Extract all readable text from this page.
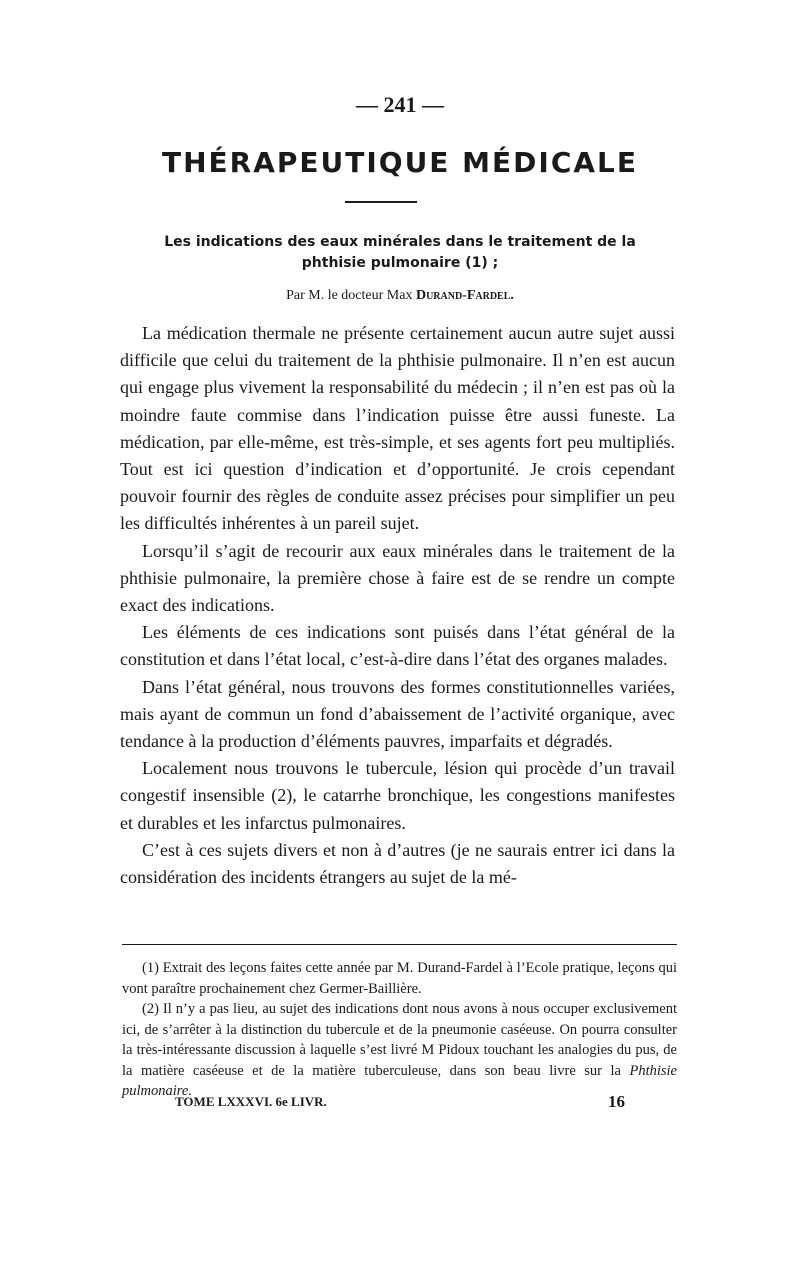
— 241 —
THÉRAPEUTIQUE MÉDICALE
Les indications des eaux minérales dans le traitement de la phthisie pulmonaire (1) ;
Par M. le docteur Max Durand-Fardel.

La médication thermale ne présente certainement aucun autre sujet aussi difficile que celui du traitement de la phthisie pulmonaire. Il n’en est aucun qui engage plus vivement la responsabilité du médecin ; il n’en est pas où la moindre faute commise dans l’indication puisse être aussi funeste. La médication, par elle-même, est très-simple, et ses agents fort peu multipliés. Tout est ici question d’indication et d’opportunité. Je crois cependant pouvoir fournir des règles de conduite assez précises pour simplifier un peu les difficultés inhérentes à un pareil sujet.

Lorsqu’il s’agit de recourir aux eaux minérales dans le traitement de la phthisie pulmonaire, la première chose à faire est de se rendre un compte exact des indications.

Les éléments de ces indications sont puisés dans l’état général de la constitution et dans l’état local, c’est-à-dire dans l’état des organes malades.

Dans l’état général, nous trouvons des formes constitutionnelles variées, mais ayant de commun un fond d’abaissement de l’activité organique, avec tendance à la production d’éléments pauvres, imparfaits et dégradés.

Localement nous trouvons le tubercule, lésion qui procède d’un travail congestif insensible (2), le catarrhe bronchique, les congestions manifestes et durables et les infarctus pulmonaires.

C’est à ces sujets divers et non à d’autres (je ne saurais entrer ici dans la considération des incidents étrangers au sujet de la mé-

(1) Extrait des leçons faites cette année par M. Durand-Fardel à l’Ecole pratique, leçons qui vont paraître prochainement chez Germer-Baillière.

(2) Il n’y a pas lieu, au sujet des indications dont nous avons à nous occuper exclusivement ici, de s’arrêter à la distinction du tubercule et de la pneumonie caséeuse. On pourra consulter la très-intéressante discussion à laquelle s’est livré M Pidoux touchant les analogies du pus, de la matière caséeuse et de la matière tuberculeuse, dans son beau livre sur la Phthisie pulmonaire.

TOME LXXXVI. 6e LIVR.	16
